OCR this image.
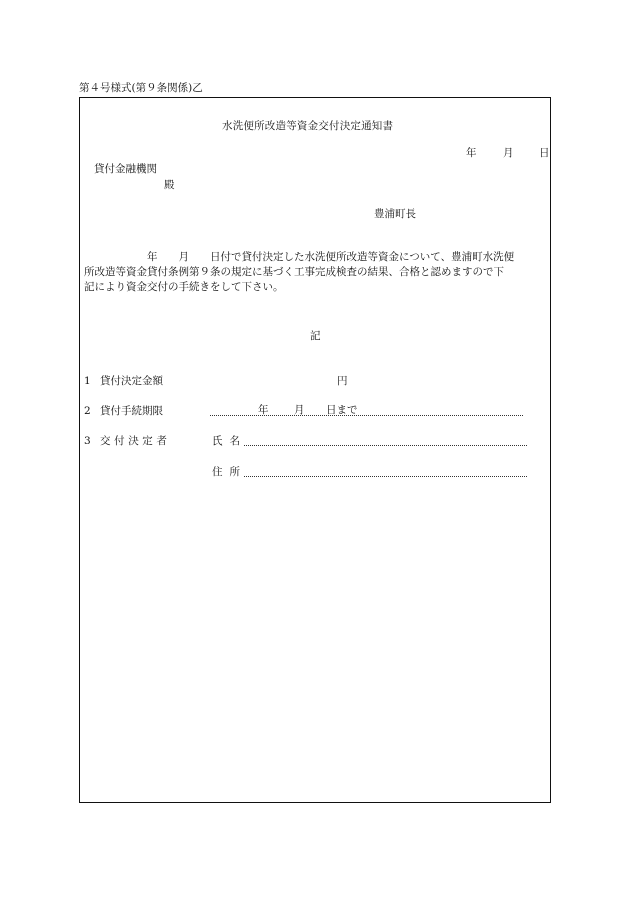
第４号様式(第９条関係)乙
水洗便所改造等資金交付決定通知書
年	月 日
貸付金融機関
殿
豊浦町長
　　　　　　年　　月　　日付で貸付決定した水洗便所改造等資金について、豊浦町水洗便
所改造等資金貸付条例第９条の規定に基づく工事完成検査の結果、合格と認めますので下
記により資金交付の手続きをして下さい。
記
1 貸付決定金額	円
2 貸付手続期限	年 月 日まで
3 交付決定者	氏名
住所
